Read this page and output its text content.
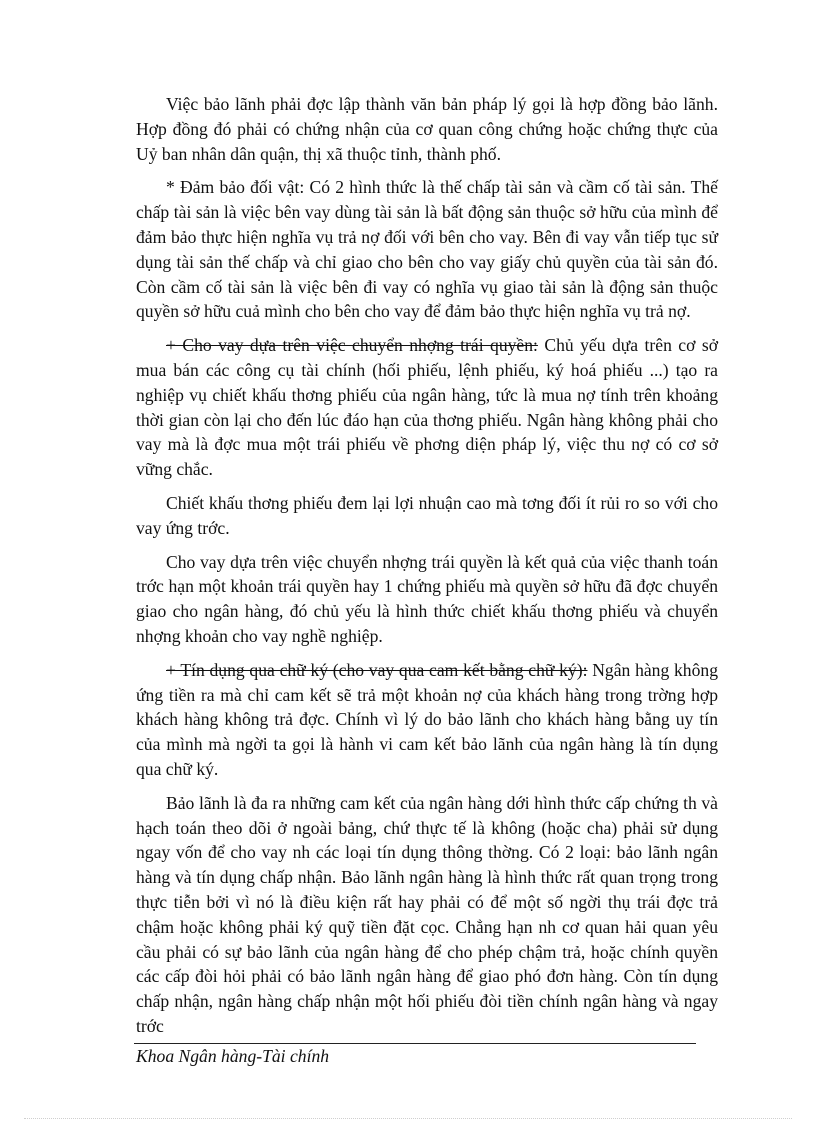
Việc bảo lãnh phải đợc lập thành văn bản pháp lý gọi là hợp đồng bảo lãnh. Hợp đồng đó phải có chứng nhận của cơ quan công chứng hoặc chứng thực của Uỷ ban nhân dân quận, thị xã thuộc tỉnh, thành phố.

* Đảm bảo đối vật: Có 2 hình thức là thế chấp tài sản và cầm cố tài sản. Thế chấp tài sản là việc bên vay dùng tài sản là bất động sản thuộc sở hữu của mình để đảm bảo thực hiện nghĩa vụ trả nợ đối với bên cho vay. Bên đi vay vẫn tiếp tục sử dụng tài sản thế chấp và chỉ giao cho bên cho vay giấy chủ quyền của tài sản đó. Còn cầm cố tài sản là việc bên đi vay có nghĩa vụ giao tài sản là động sản thuộc quyền sở hữu cuả mình cho bên cho vay để đảm bảo thực hiện nghĩa vụ trả nợ.

+ Cho vay dựa trên việc chuyển nhợng trái quyền: Chủ yếu dựa trên cơ sở mua bán các công cụ tài chính (hối phiếu, lệnh phiếu, ký hoá phiếu ...) tạo ra nghiệp vụ chiết khấu thơng phiếu của ngân hàng, tức là mua nợ tính trên khoảng thời gian còn lại cho đến lúc đáo hạn của thơng phiếu. Ngân hàng không phải cho vay mà là đợc mua một trái phiếu về phơng diện pháp lý, việc thu nợ có cơ sở vững chắc.

Chiết khấu thơng phiếu đem lại lợi nhuận cao mà tơng đối ít rủi ro so với cho vay ứng trớc.

Cho vay dựa trên việc chuyển nhợng trái quyền là kết quả của việc thanh toán trớc hạn một khoản trái quyền hay 1 chứng phiếu mà quyền sở hữu đã đợc chuyển giao cho ngân hàng, đó chủ yếu là hình thức chiết khấu thơng phiếu và chuyển nhợng khoản cho vay nghề nghiệp.

+ Tín dụng qua chữ ký (cho vay qua cam kết bằng chữ ký): Ngân hàng không ứng tiền ra mà chỉ cam kết sẽ trả một khoản nợ của khách hàng trong trờng hợp khách hàng không trả đợc. Chính vì lý do bảo lãnh cho khách hàng bằng uy tín của mình mà ngời ta gọi là hành vi cam kết bảo lãnh của ngân hàng là tín dụng qua chữ ký.

Bảo lãnh là đa ra những cam kết của ngân hàng dới hình thức cấp chứng th và hạch toán theo dõi ở ngoài bảng, chứ thực tế là không (hoặc cha) phải sử dụng ngay vốn để cho vay nh các loại tín dụng thông thờng. Có 2 loại: bảo lãnh ngân hàng và tín dụng chấp nhận. Bảo lãnh ngân hàng là hình thức rất quan trọng trong thực tiễn bởi vì nó là điều kiện rất hay phải có để một số ngời thụ trái đợc trả chậm hoặc không phải ký quỹ tiền đặt cọc. Chẳng hạn nh cơ quan hải quan yêu cầu phải có sự bảo lãnh của ngân hàng để cho phép chậm trả, hoặc chính quyền các cấp đòi hỏi phải có bảo lãnh ngân hàng để giao phó đơn hàng. Còn tín dụng chấp nhận, ngân hàng chấp nhận một hối phiếu đòi tiền chính ngân hàng và ngay trớc

Khoa Ngân hàng-Tài chính
